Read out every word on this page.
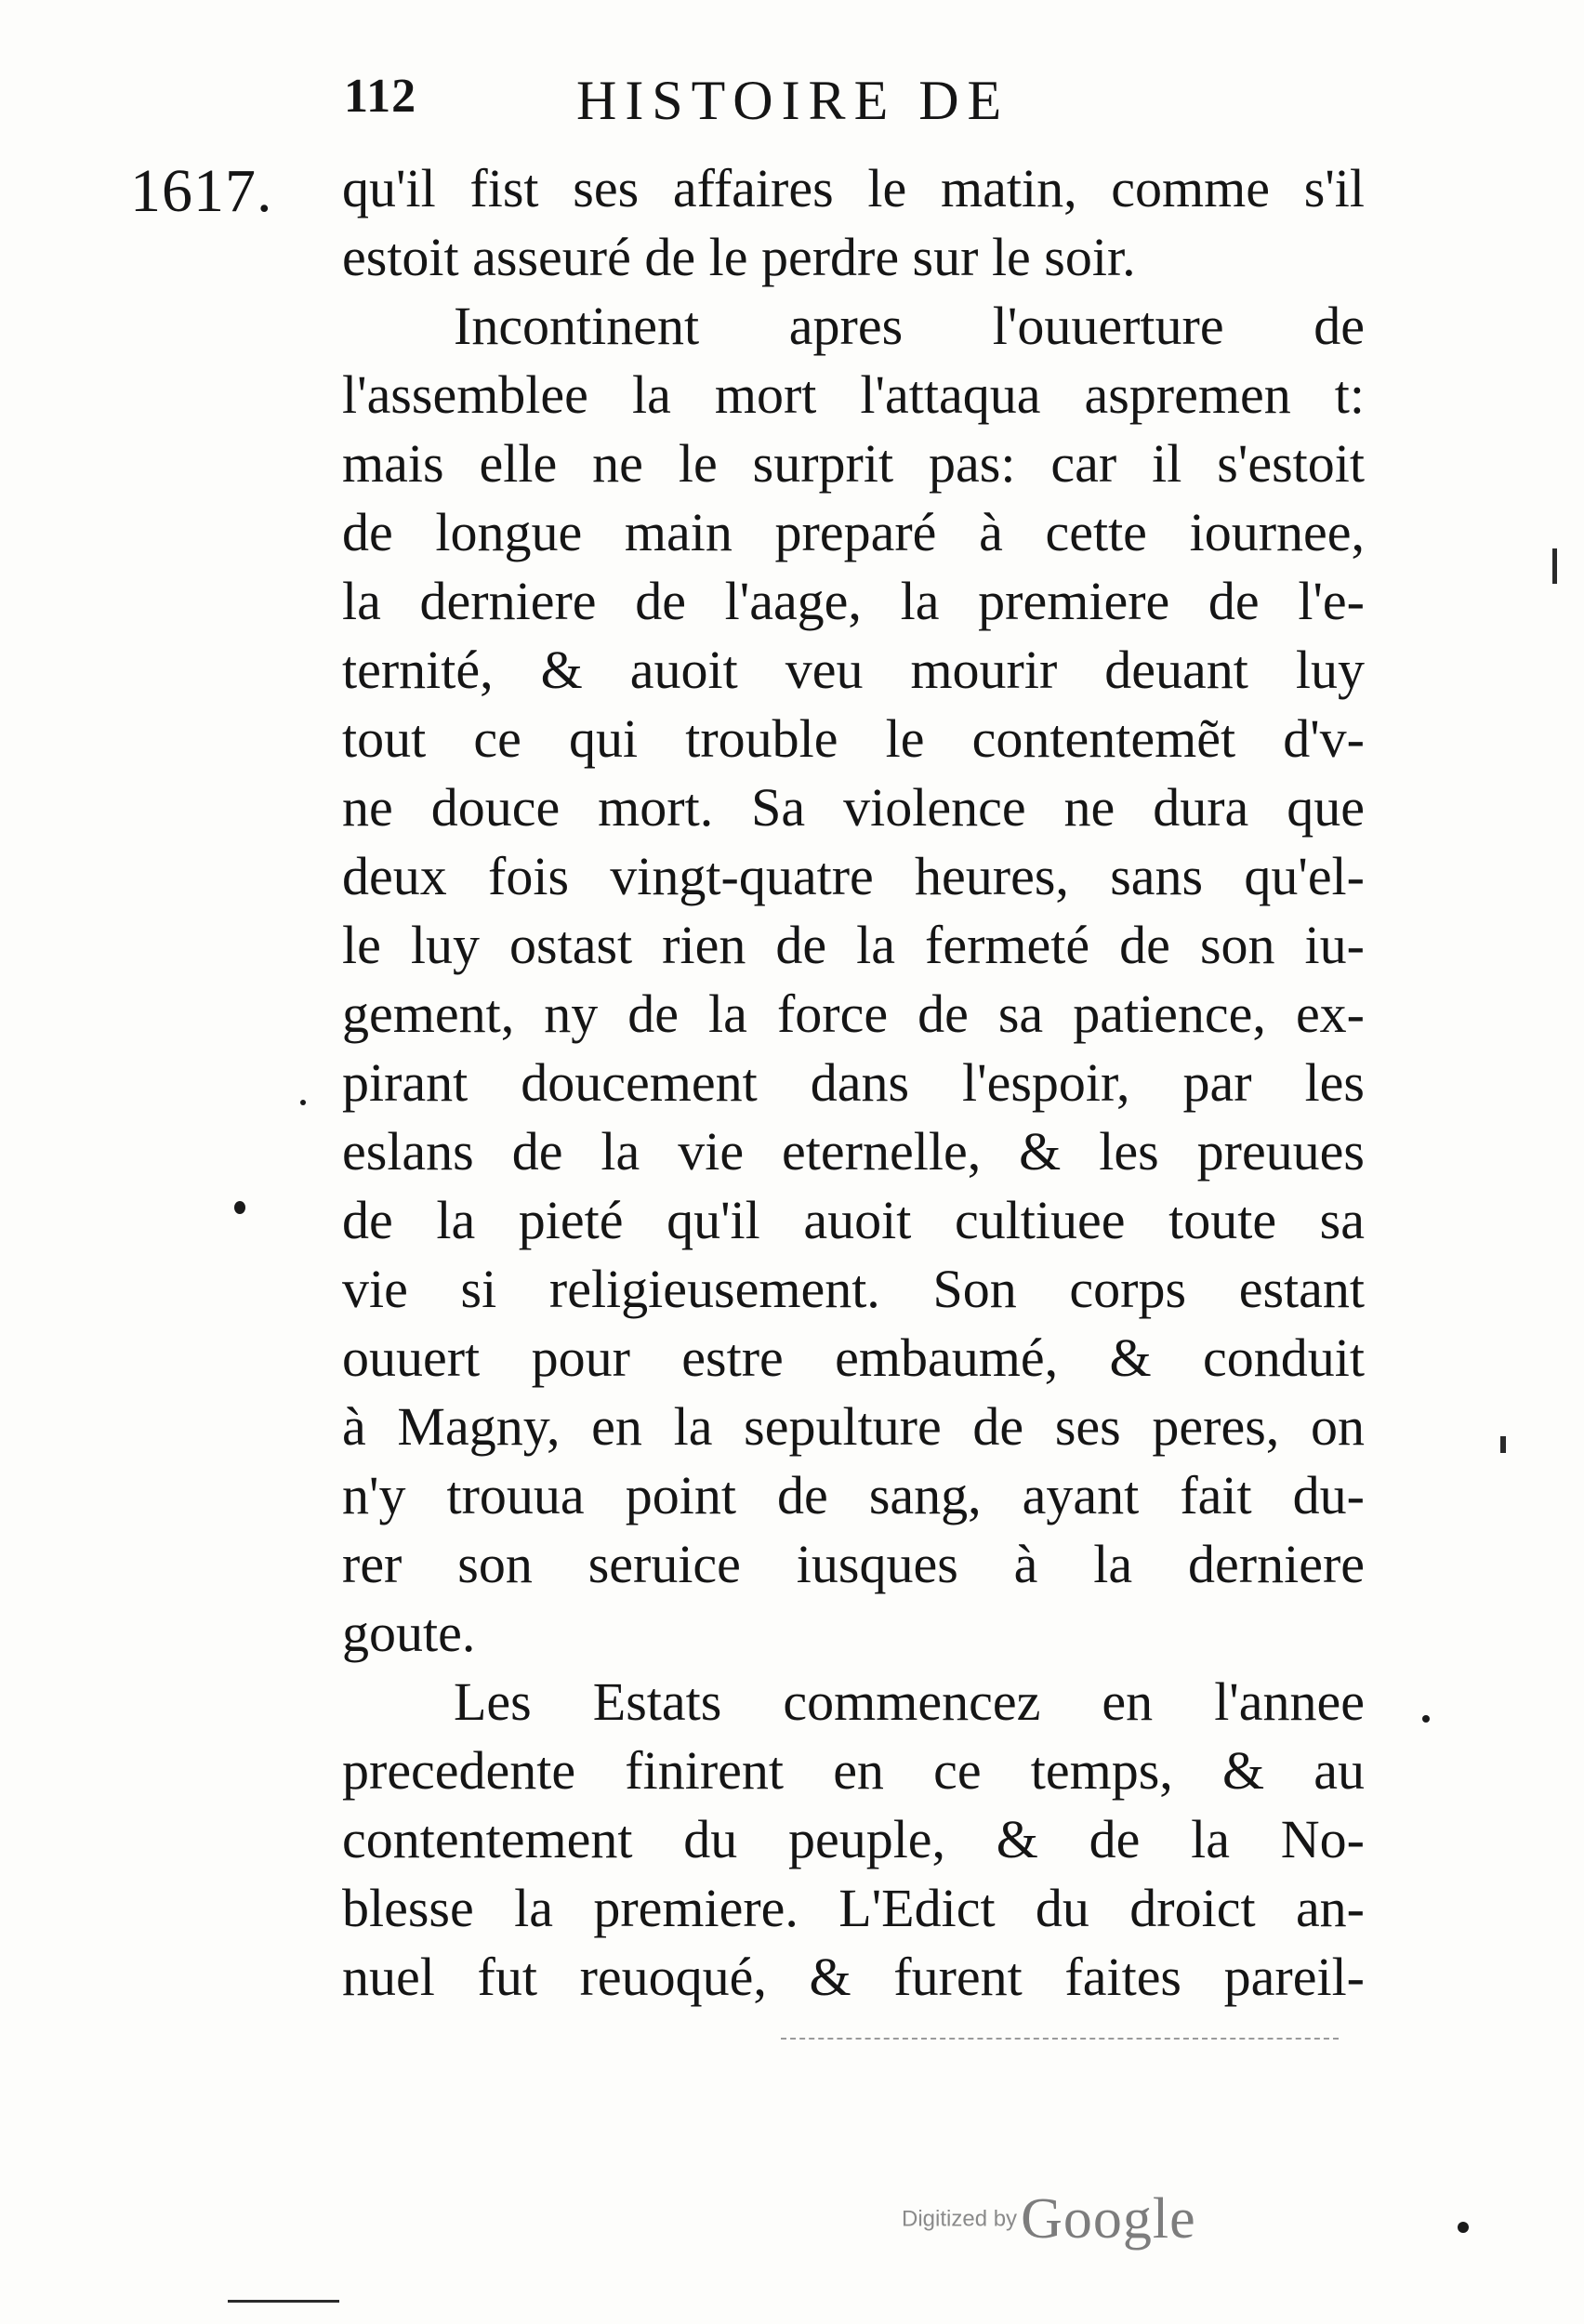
112	HISTOIRE DE
1617. qu'il fist ses affaires le matin, comme s'il
estoit asseuré de le perdre sur le soir.
Incontinent apres l'ouuerture de
l'assemblee la mort l'attaqua aspremen t:
mais elle ne le surprit pas: car il s'estoit
de longue main preparé à cette iournee,
la derniere de l'aage, la premiere de l'e-
ternité, & auoit veu mourir deuant luy
tout ce qui trouble le contentemẽt d'v-
ne douce mort. Sa violence ne dura que
deux fois vingt-quatre heures, sans qu'el-
le luy ostast rien de la fermeté de son iu-
gement, ny de la force de sa patience, ex-
pirant doucement dans l'espoir, par les
eslans de la vie eternelle, & les preuues
de la pieté qu'il auoit cultiuee toute sa
vie si religieusement. Son corps estant
ouuert pour estre embaumé, & conduit
à Magny, en la sepulture de ses peres, on
n'y trouua point de sang, ayant fait du-
rer son seruice iusques à la derniere
goute.
Les Estats commencez en l'annee
precedente finirent en ce temps, & au
contentement du peuple, & de la No-
blesse la premiere. L'Edict du droict an-
nuel fut reuoqué, & furent faites pareil-
Digitized by Google
